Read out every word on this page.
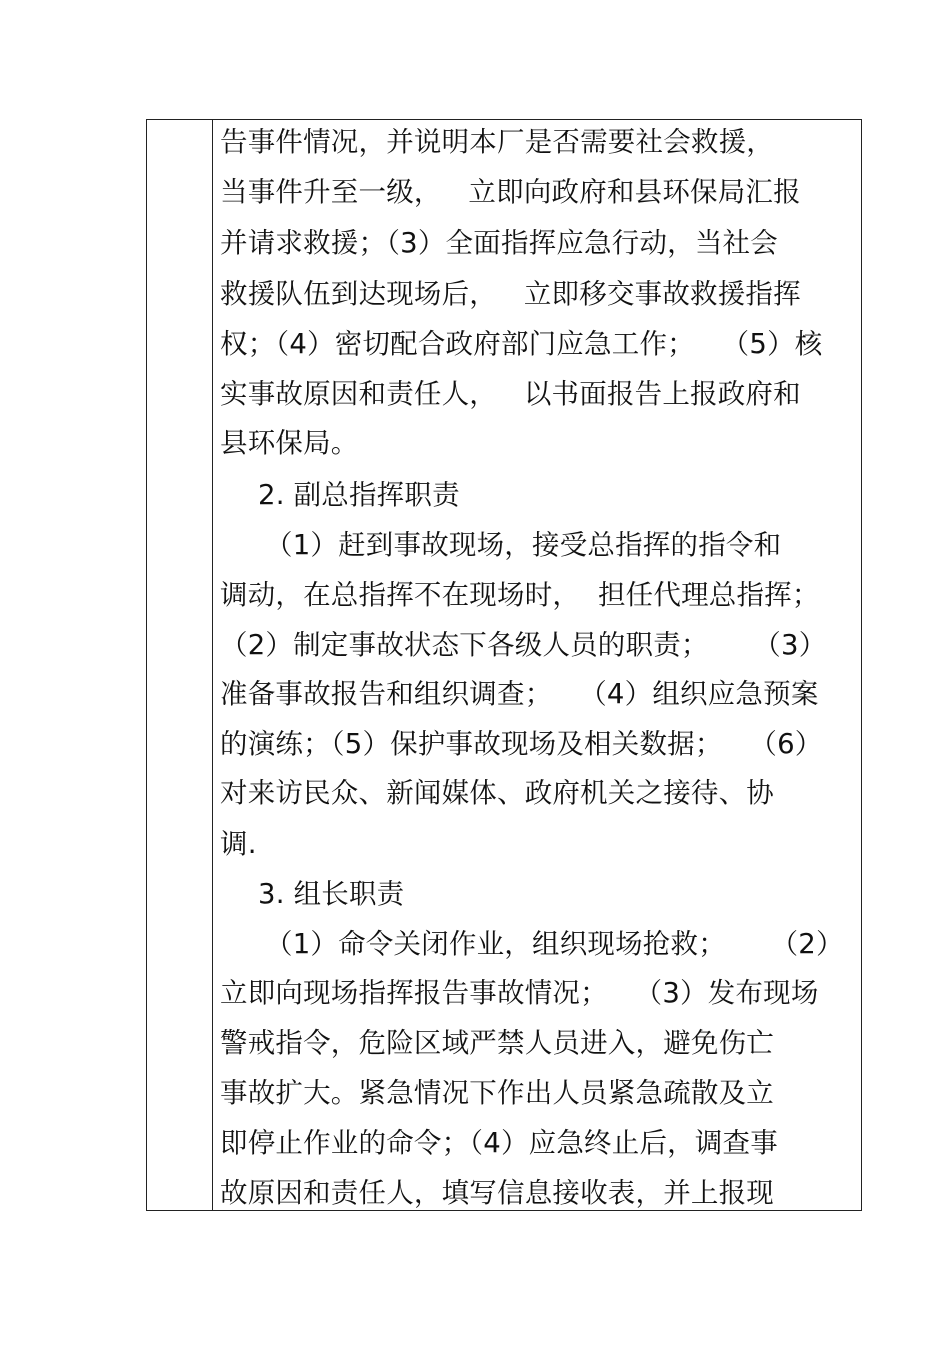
告事件情况，并说明本厂是否需要社会救援，
当事件升至一级，   立即向政府和县环保局汇报
并请求救援；（3）全面指挥应急行动，当社会
救援队伍到达现场后，   立即移交事故救援指挥
权；（4）密切配合政府部门应急工作；   （5）核
实事故原因和责任人，   以书面报告上报政府和
县环保局。
2. 副总指挥职责
（1）赶到事故现场，接受总指挥的指令和
调动，在总指挥不在现场时，  担任代理总指挥；
（2）制定事故状态下各级人员的职责；     （3）
准备事故报告和组织调查；   （4）组织应急预案
的演练；（5）保护事故现场及相关数据；   （6）
对来访民众、新闻媒体、政府机关之接待、协
调.
3. 组长职责
（1）命令关闭作业，组织现场抢救；     （2）
立即向现场指挥报告事故情况；   （3）发布现场
警戒指令，危险区域严禁人员进入，避免伤亡
事故扩大。紧急情况下作出人员紧急疏散及立
即停止作业的命令；（4）应急终止后，调查事
故原因和责任人，填写信息接收表，并上报现
